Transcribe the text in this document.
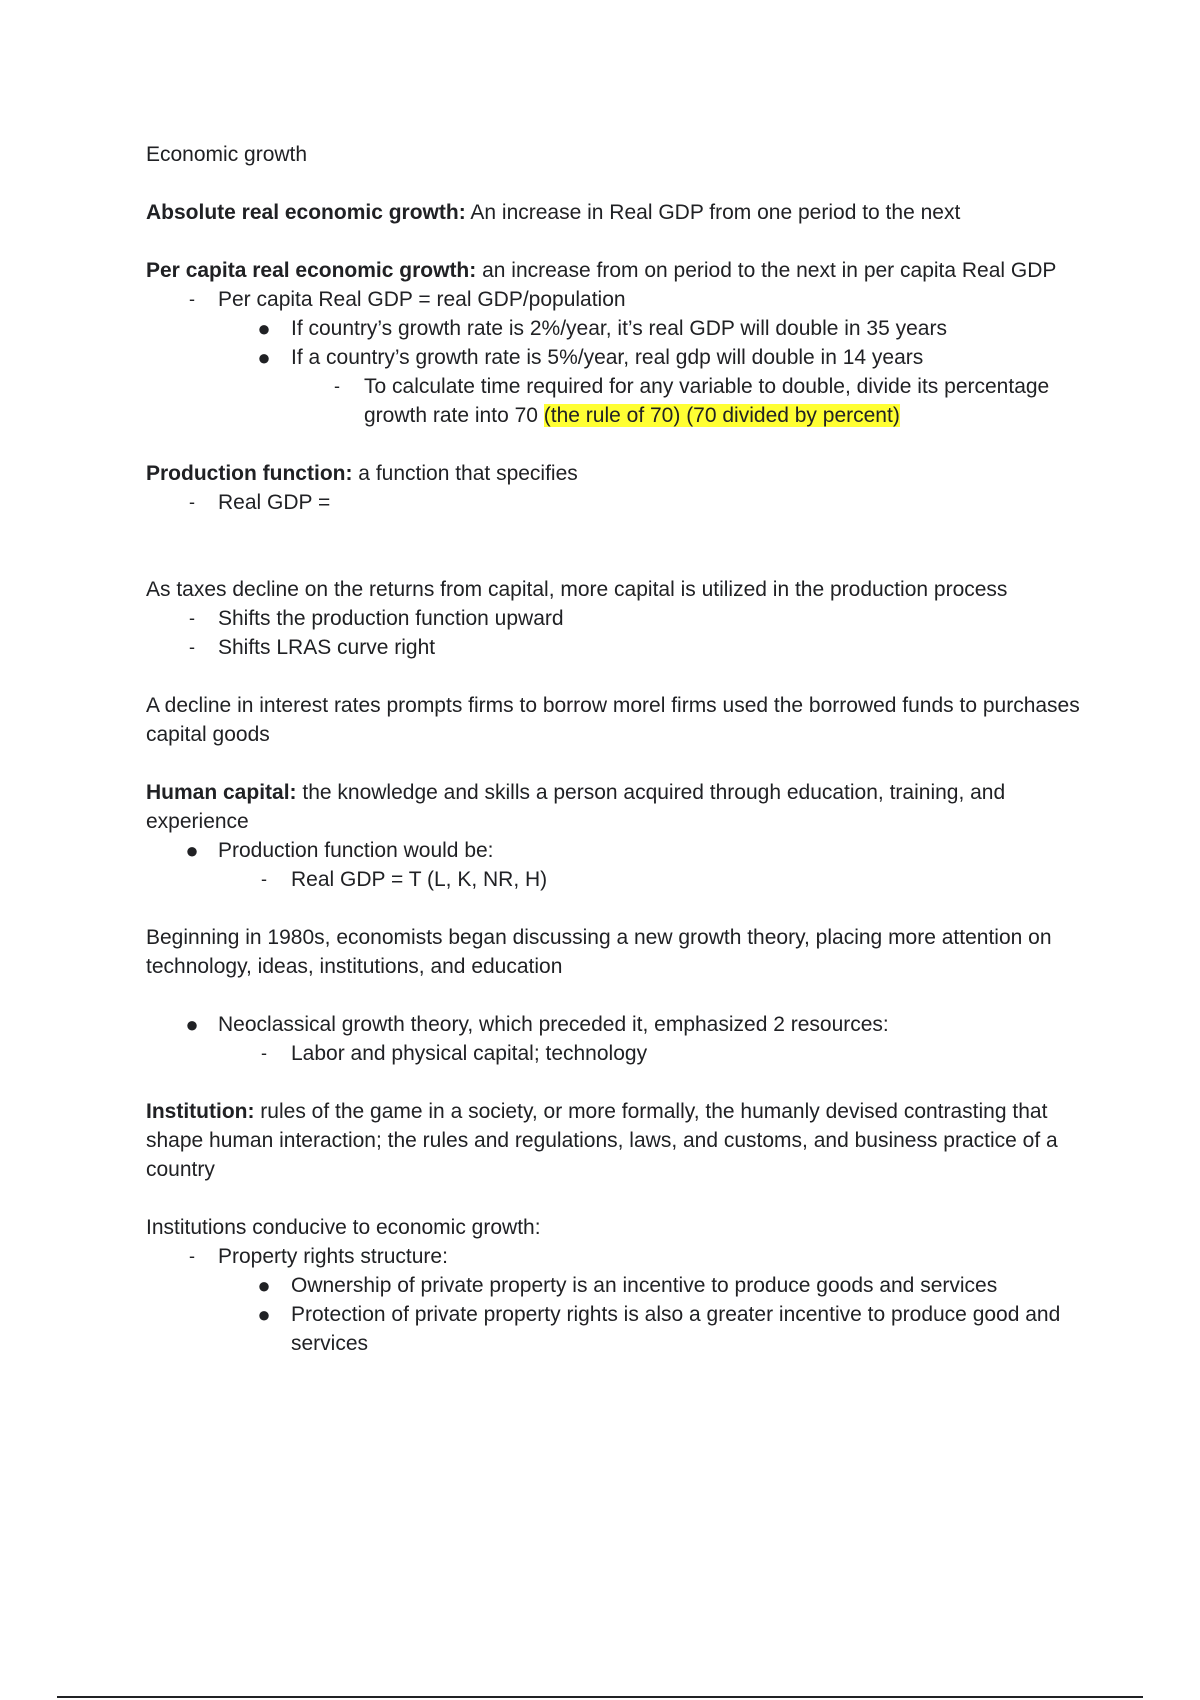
Economic growth

Absolute real economic growth: An increase in Real GDP from one period to the next

Per capita real economic growth: an increase from on period to the next in per capita Real GDP

-	Per capita Real GDP = real GDP/population
● If country’s growth rate is 2%/year, it’s real GDP will double in 35 years
● If a country’s growth rate is 5%/year, real gdp will double in 14 years
-	To calculate time required for any variable to double, divide its percentage growth rate into 70 (the rule of 70) (70 divided by percent)

Production function: a function that specifies

-	Real GDP =

As taxes decline on the returns from capital, more capital is utilized in the production process

-	Shifts the production function upward
-	Shifts LRAS curve right

A decline in interest rates prompts firms to borrow morel firms used the borrowed funds to purchases capital goods

Human capital: the knowledge and skills a person acquired through education, training, and experience

● Production function would be:
-	Real GDP = T (L, K, NR, H)

Beginning in 1980s, economists began discussing a new growth theory, placing more attention on technology, ideas, institutions, and education

● Neoclassical growth theory, which preceded it, emphasized 2 resources:
-	Labor and physical capital; technology

Institution: rules of the game in a society, or more formally, the humanly devised contrasting that shape human interaction; the rules and regulations, laws, and customs, and business practice of a country

Institutions conducive to economic growth:

-	Property rights structure:
● Ownership of private property is an incentive to produce goods and services
● Protection of private property rights is also a greater incentive to produce good and services
